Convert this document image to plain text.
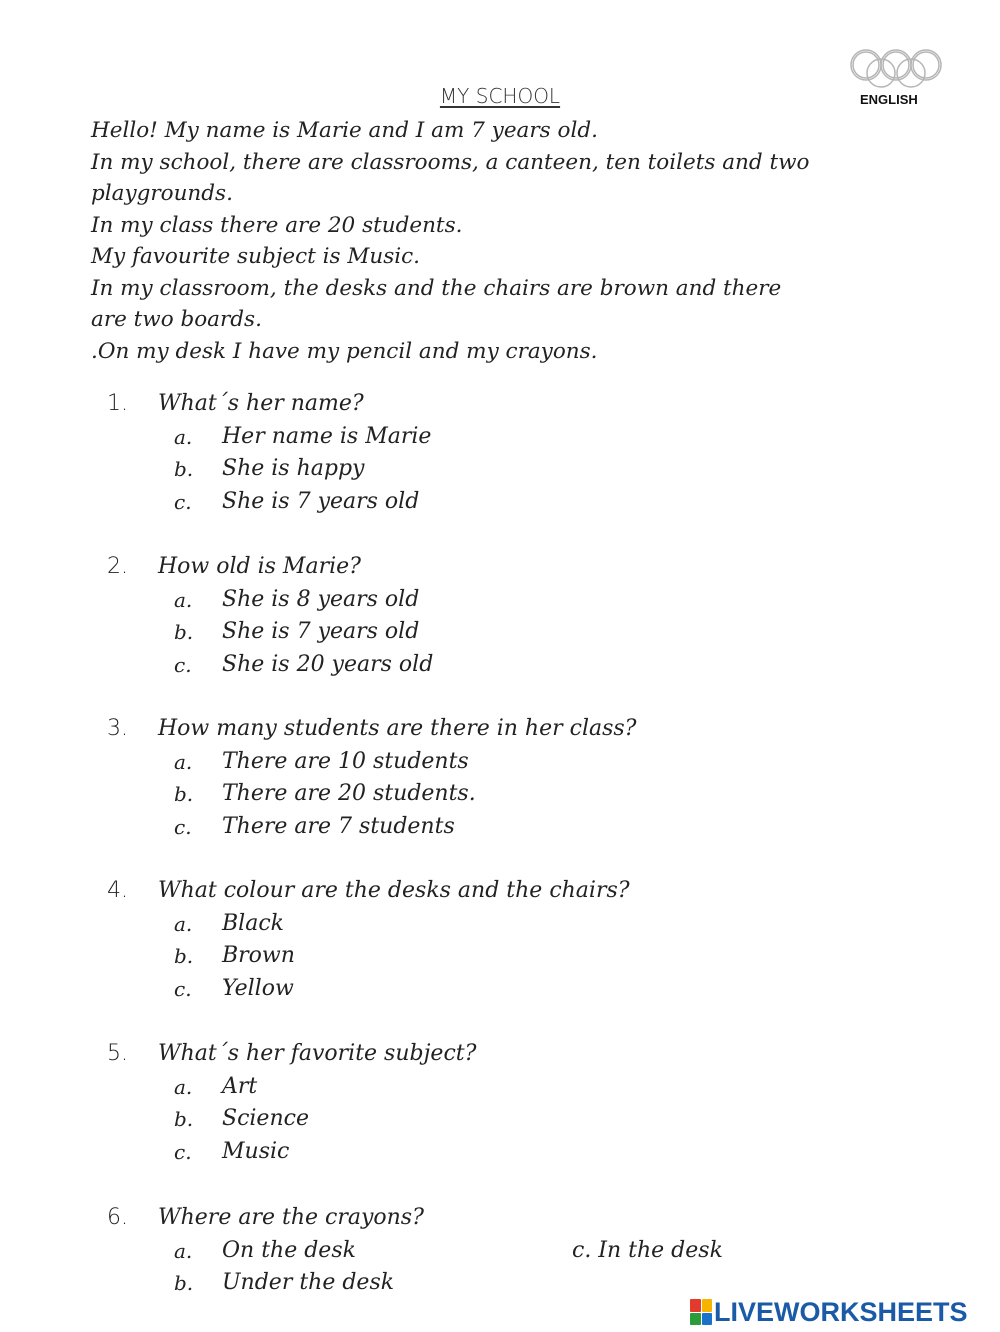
ENGLISH
MY SCHOOL

Hello! My name is Marie and I am 7 years old.

In my school, there are classrooms, a canteen, ten toilets and two

playgrounds.

In my class there are 20 students.

My favourite subject is Music.

In my classroom, the desks and the chairs are brown and there

are two boards.

.On my desk I have my pencil and my crayons.

1. What´s her name?
a. Her name is Marie
b. She is happy
c. She is 7 years old
2. How old is Marie?
a. She is 8 years old
b. She is 7 years old
c. She is 20 years old
3. How many students are there in her class?
a. There are 10 students
b. There are 20 students.
c. There are 7 students
4. What colour are the desks and the chairs?
a. Black
b. Brown
c. Yellow
5. What´s her favorite subject?
a. Art
b. Science
c. Music
6. Where are the crayons?
a. On the desk	c. In the desk
b. Under the desk
LIVEWORKSHEETS
